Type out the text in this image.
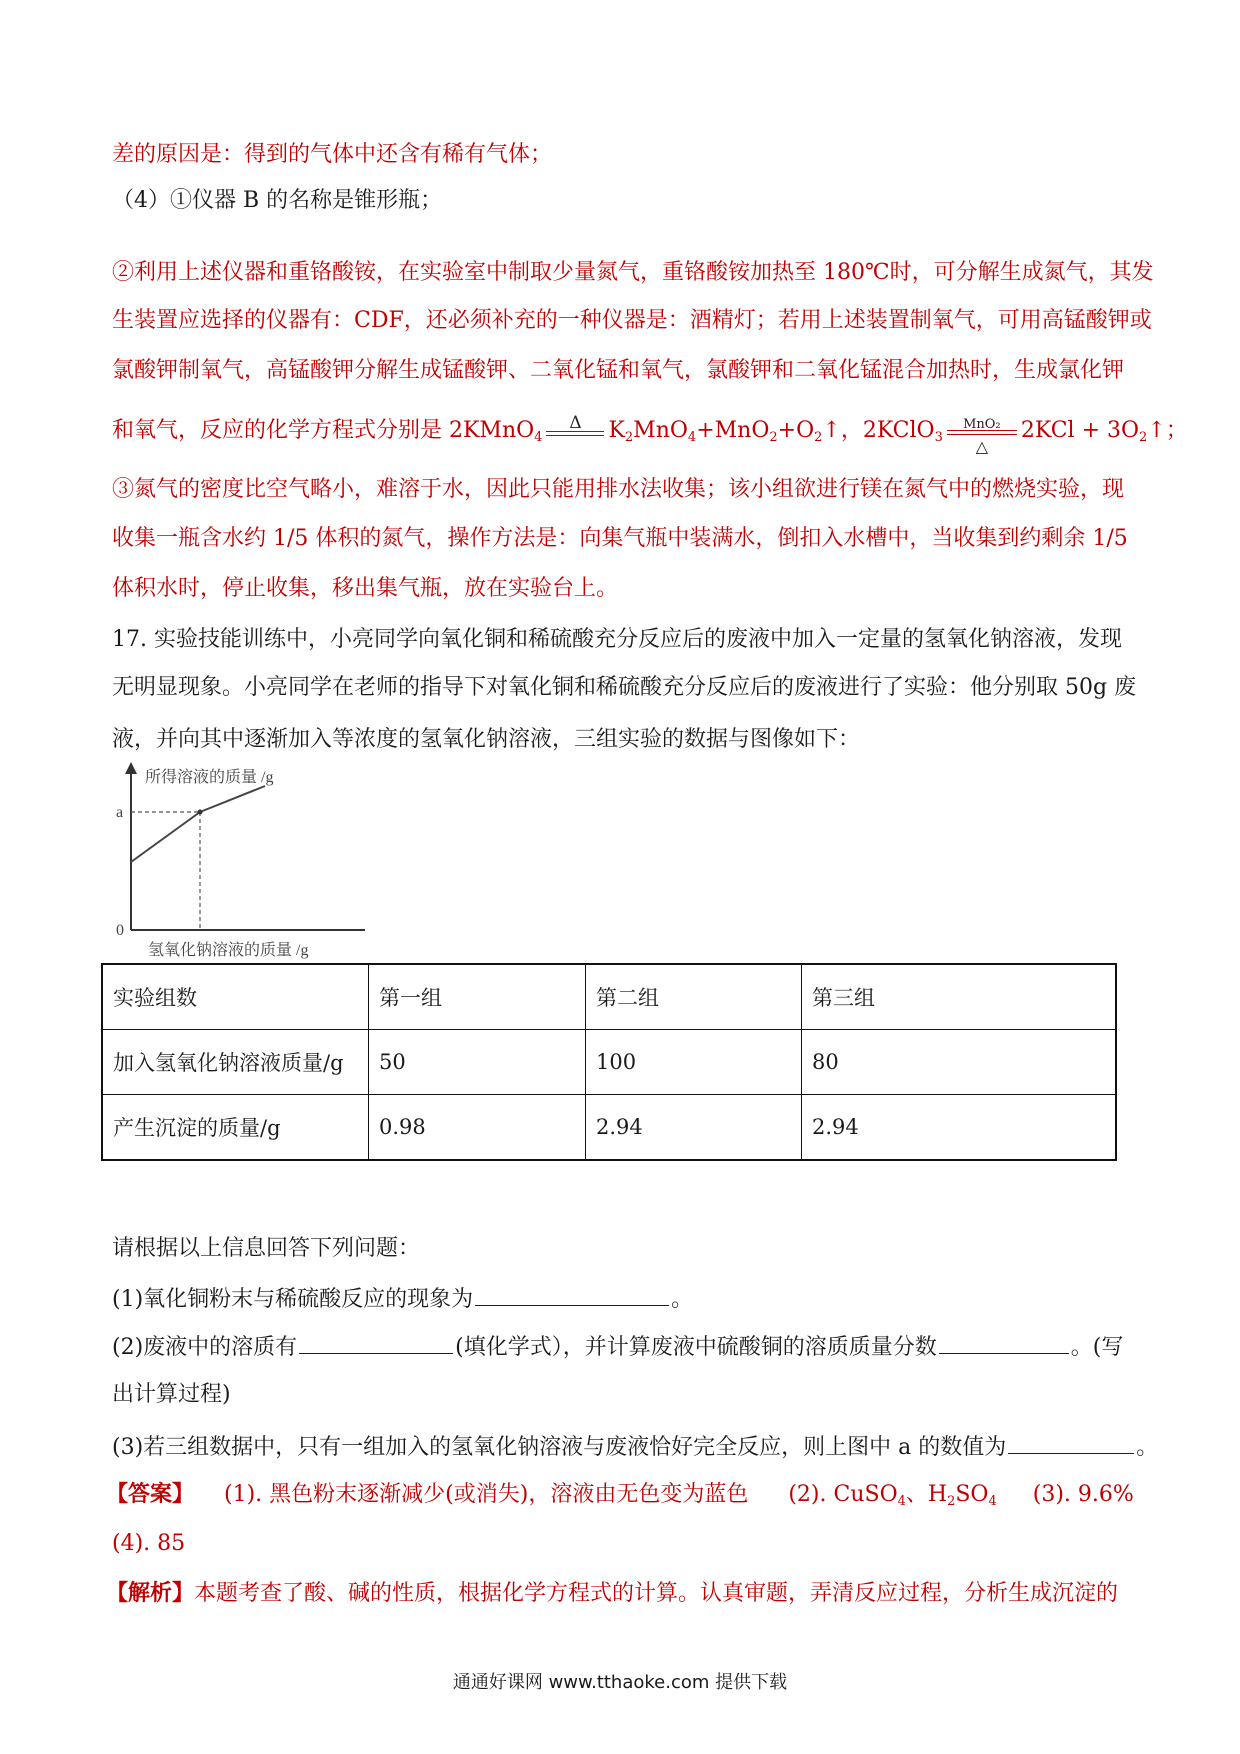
差的原因是：得到的气体中还含有稀有气体；
（4）①仪器 B 的名称是锥形瓶；
②利用上述仪器和重铬酸铵，在实验室中制取少量氮气，重铬酸铵加热至 180℃时，可分解生成氮气，其发
生装置应选择的仪器有：CDF，还必须补充的一种仪器是：酒精灯；若用上述装置制氧气，可用高锰酸钾或
氯酸钾制氧气，高锰酸钾分解生成锰酸钾、二氧化锰和氧气，氯酸钾和二氧化锰混合加热时，生成氯化钾
和氧气，反应的化学方程式分别是 2KMnO$_4$
Δ	$K_2MnO_4+MnO_2+O_2↑$，2KClO$_3$
MnO₂
△
$2KCl + 3O_2↑$；
③氮气的密度比空气略小，难溶于水，因此只能用排水法收集；该小组欲进行镁在氮气中的燃烧实验，现
收集一瓶含水约 1/5 体积的氮气，操作方法是：向集气瓶中装满水，倒扣入水槽中，当收集到约剩余 1/5
体积水时，停止收集，移出集气瓶，放在实验台上。
17. 实验技能训练中，小亮同学向氧化铜和稀硫酸充分反应后的废液中加入一定量的氢氧化钠溶液，发现
无明显现象。小亮同学在老师的指导下对氧化铜和稀硫酸充分反应后的废液进行了实验：他分别取 50g 废
液，并向其中逐渐加入等浓度的氢氧化钠溶液，三组实验的数据与图像如下：
所得溶液的质量 /g
a
0
氢氧化钠溶液的质量 /g
实验组数	第一组	第二组	第三组
加入氢氧化钠溶液质量/g	50	100	80
产生沉淀的质量/g	0.98	2.94	2.94
请根据以上信息回答下列问题：
(1)氧化铜粉末与稀硫酸反应的现象为	。
(2)废液中的溶质有	(填化学式），并计算废液中硫酸铜的溶质质量分数	。(写
出计算过程)
(3)若三组数据中，只有一组加入的氢氧化钠溶液与废液恰好完全反应，则上图中 a 的数值为	。
【答案】 (1). 黑色粉末逐渐减少(或消失)，溶液由无色变为蓝色 (2). CuSO$_4$、$H_2SO_4$ (3). 9.6%
(4). 85
【解析】本题考查了酸、碱的性质，根据化学方程式的计算。认真审题，弄清反应过程，分析生成沉淀的
通通好课网 www.tthaoke.com 提供下载
